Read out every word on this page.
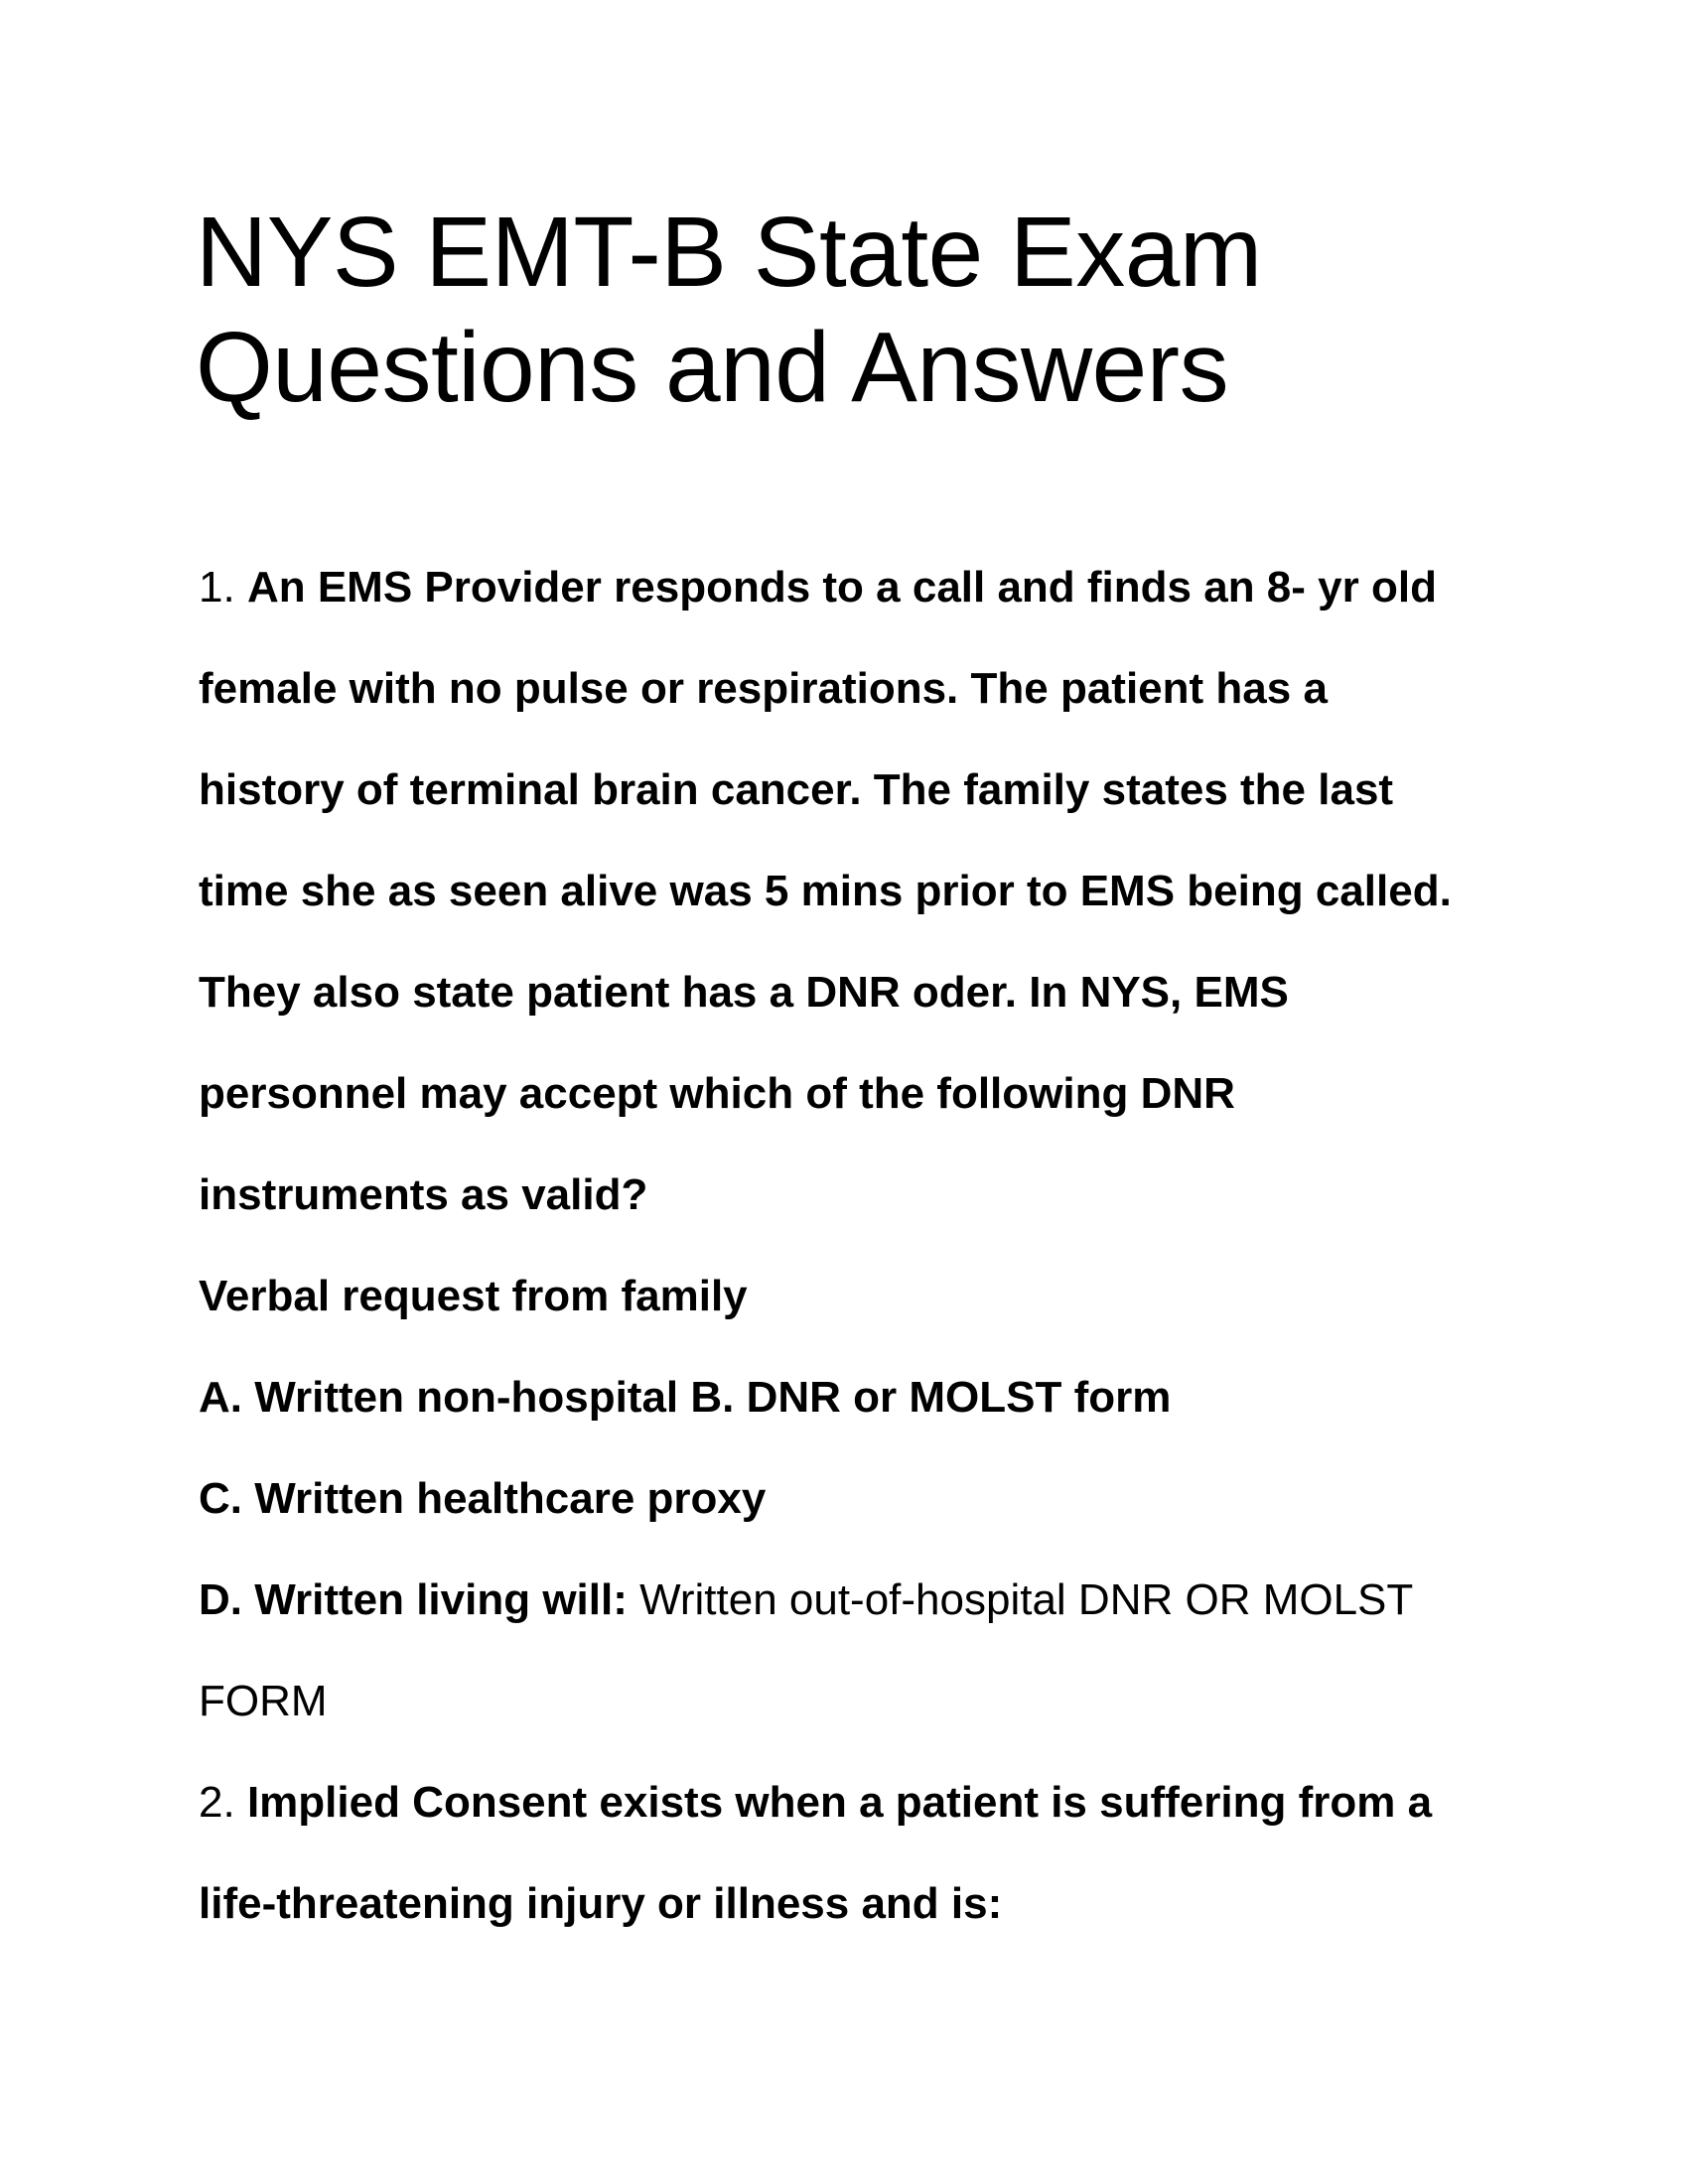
NYS EMT-B State Exam
Questions and Answers
1. An EMS Provider responds to a call and finds an 8- yr old
female with no pulse or respirations. The patient has a
history of terminal brain cancer. The family states the last
time she as seen alive was 5 mins prior to EMS being called.
They also state patient has a DNR oder. In NYS, EMS
personnel may accept which of the following DNR
instruments as valid?
Verbal request from family
A. Written non-hospital B. DNR or MOLST form
C. Written healthcare proxy
D. Written living will: Written out-of-hospital DNR OR MOLST
FORM
2. Implied Consent exists when a patient is suffering from a
life-threatening injury or illness and is:
